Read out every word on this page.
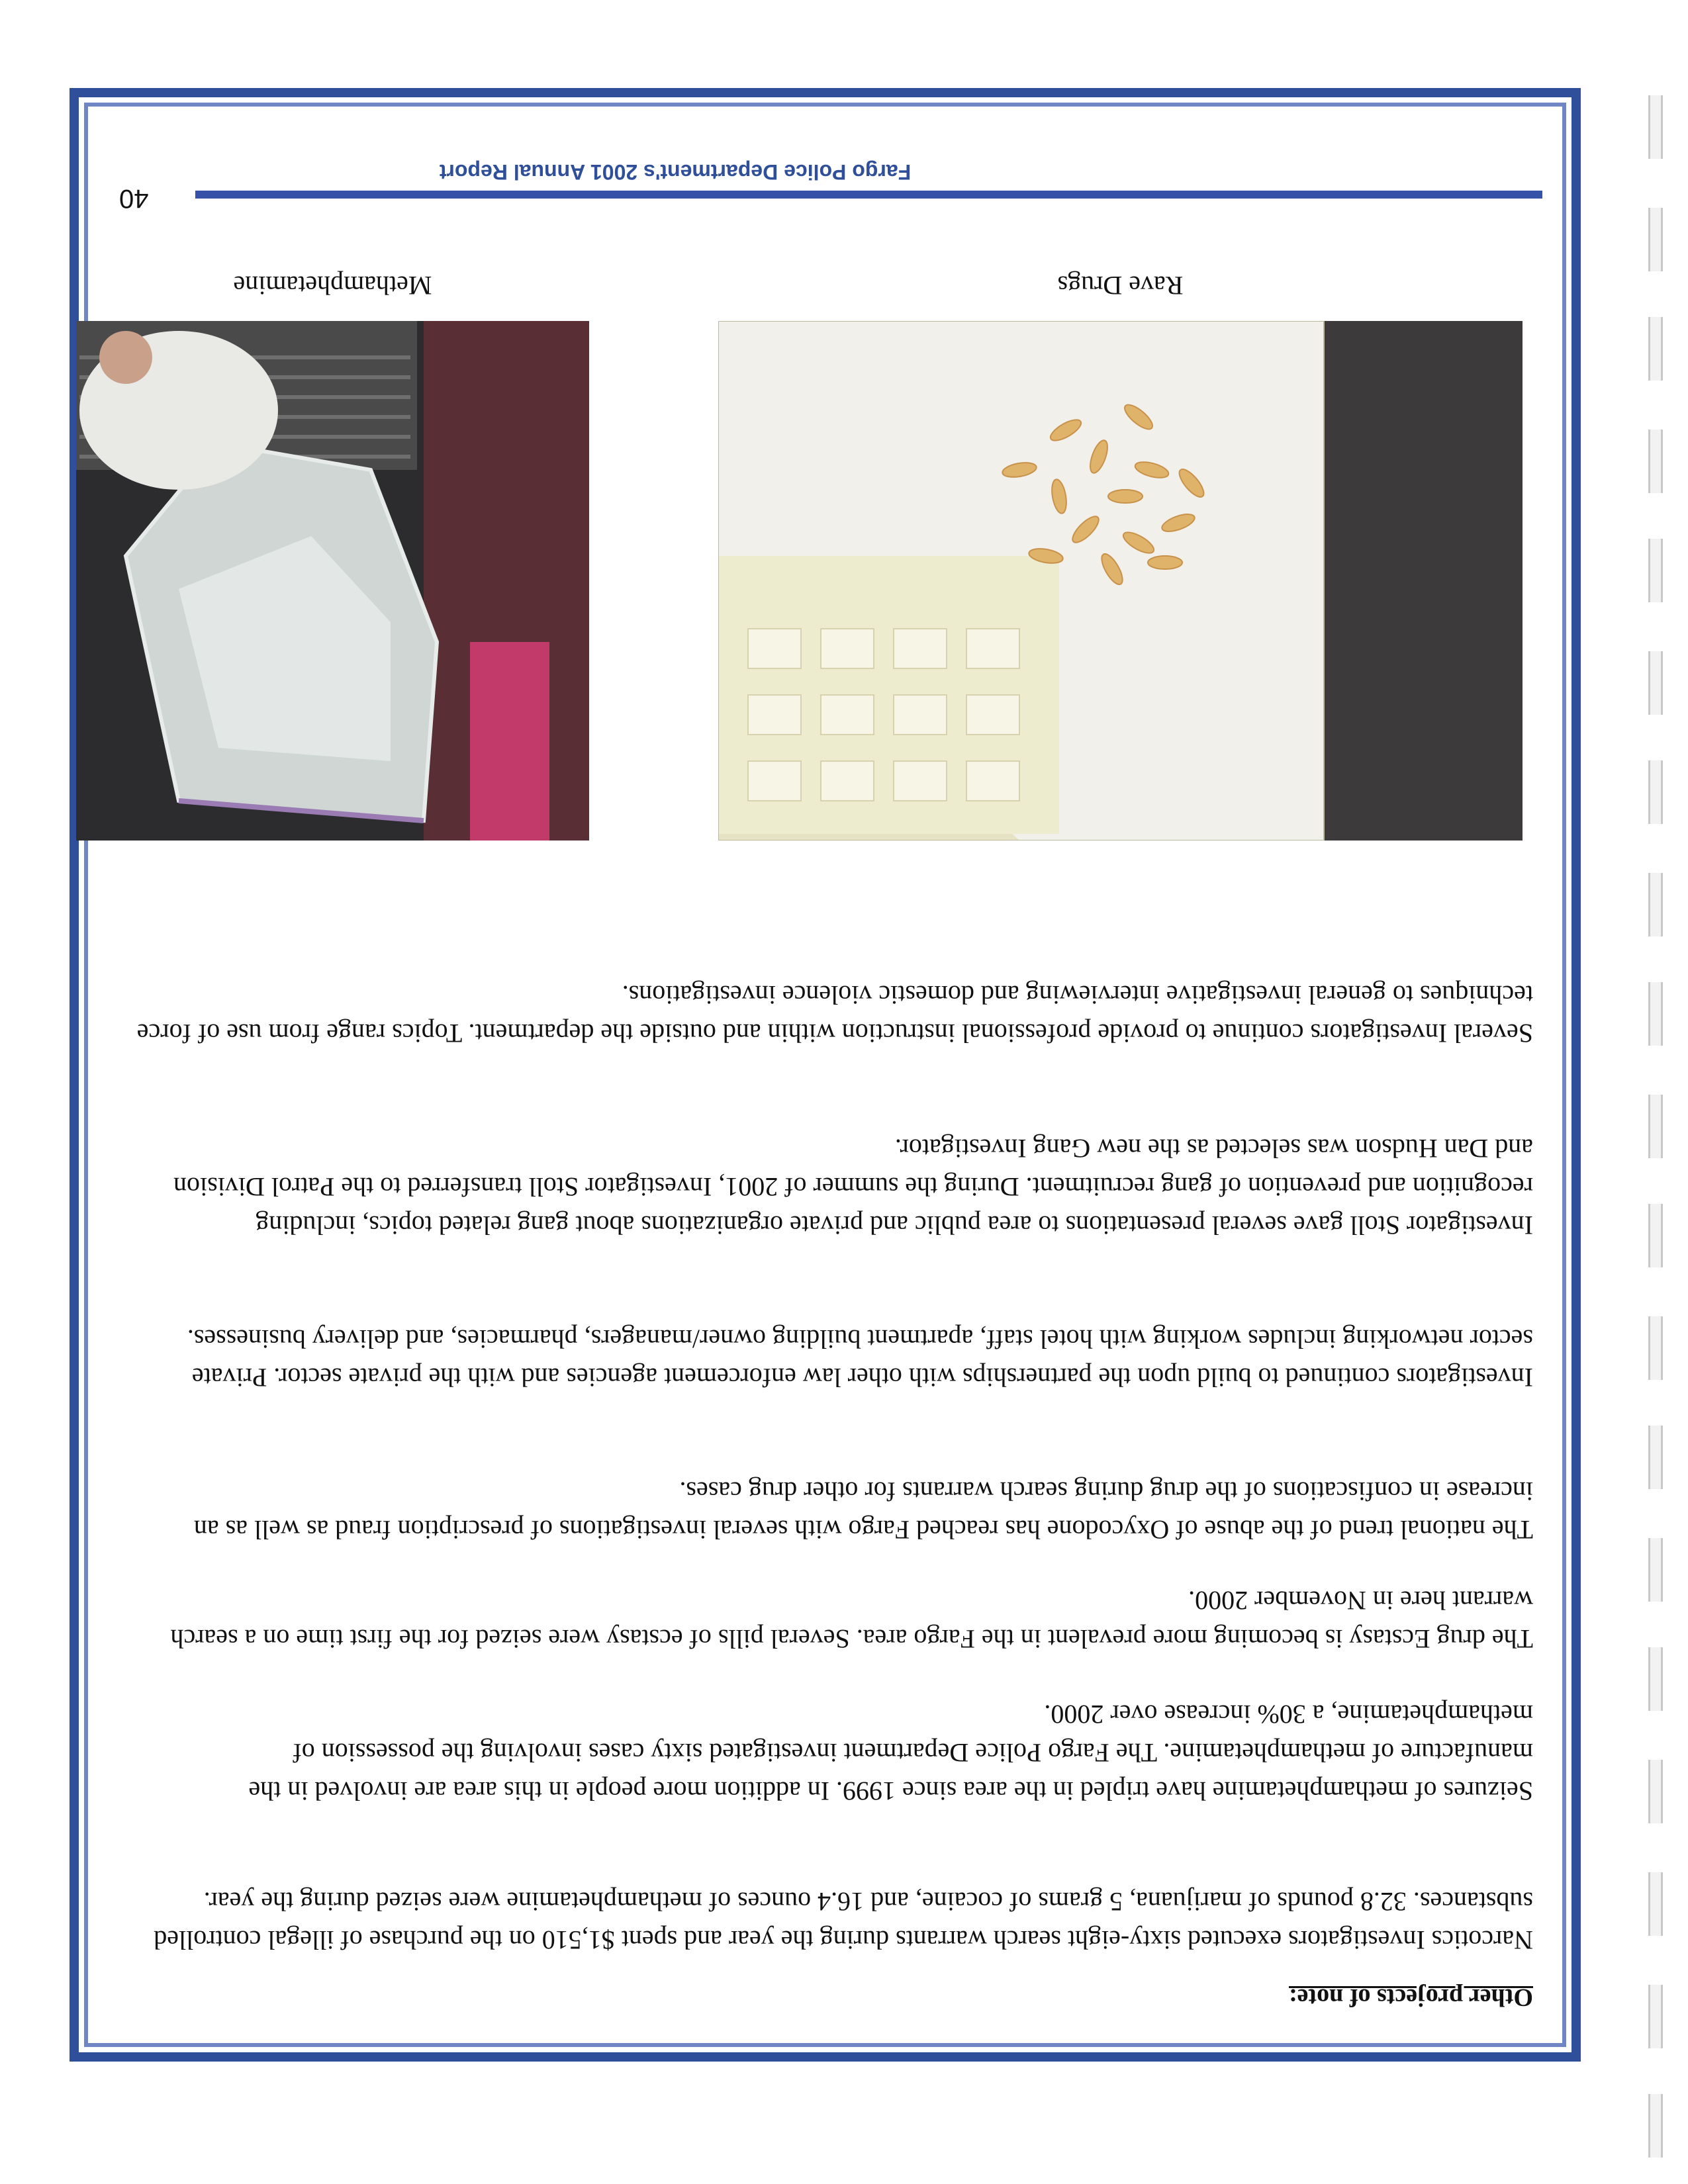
Other projects of note:

Narcotics Investigators executed sixty-eight search warrants during the year and spent $1,510 on the purchase of illegal controlled substances. 32.8 pounds of marijuana, 5 grams of cocaine, and 16.4 ounces of methamphetamine were seized during the year.

Seizures of methamphetamine have tripled in the area since 1999. In addition more people in this area are involved in the manufacture of methamphetamine. The Fargo Police Department investigated sixty cases involving the possession of methamphetamine, a 30% increase over 2000.

The drug Ecstasy is becoming more prevalent in the Fargo area. Several pills of ecstasy were seized for the first time on a search warrant here in November 2000.

The national trend of the abuse of Oxycodone has reached Fargo with several investigations of prescription fraud as well as an increase in confiscations of the drug during search warrants for other drug cases.

Investigators continued to build upon the partnerships with other law enforcement agencies and with the private sector. Private sector networking includes working with hotel staff, apartment building owner/managers, pharmacies, and delivery businesses.

Investigator Stoll gave several presentations to area public and private organizations about gang related topics, including recognition and prevention of gang recruitment. During the summer of 2001, Investigator Stoll transferred to the Patrol Division and Dan Hudson was selected as the new Gang Investigator.

Several Investigators continue to provide professional instruction within and outside the department. Topics range from use of force techniques to general investigative interviewing and domestic violence investigations.

Rave Drugs
Methamphetamine
Fargo Police Department's 2001 Annual Report
40
